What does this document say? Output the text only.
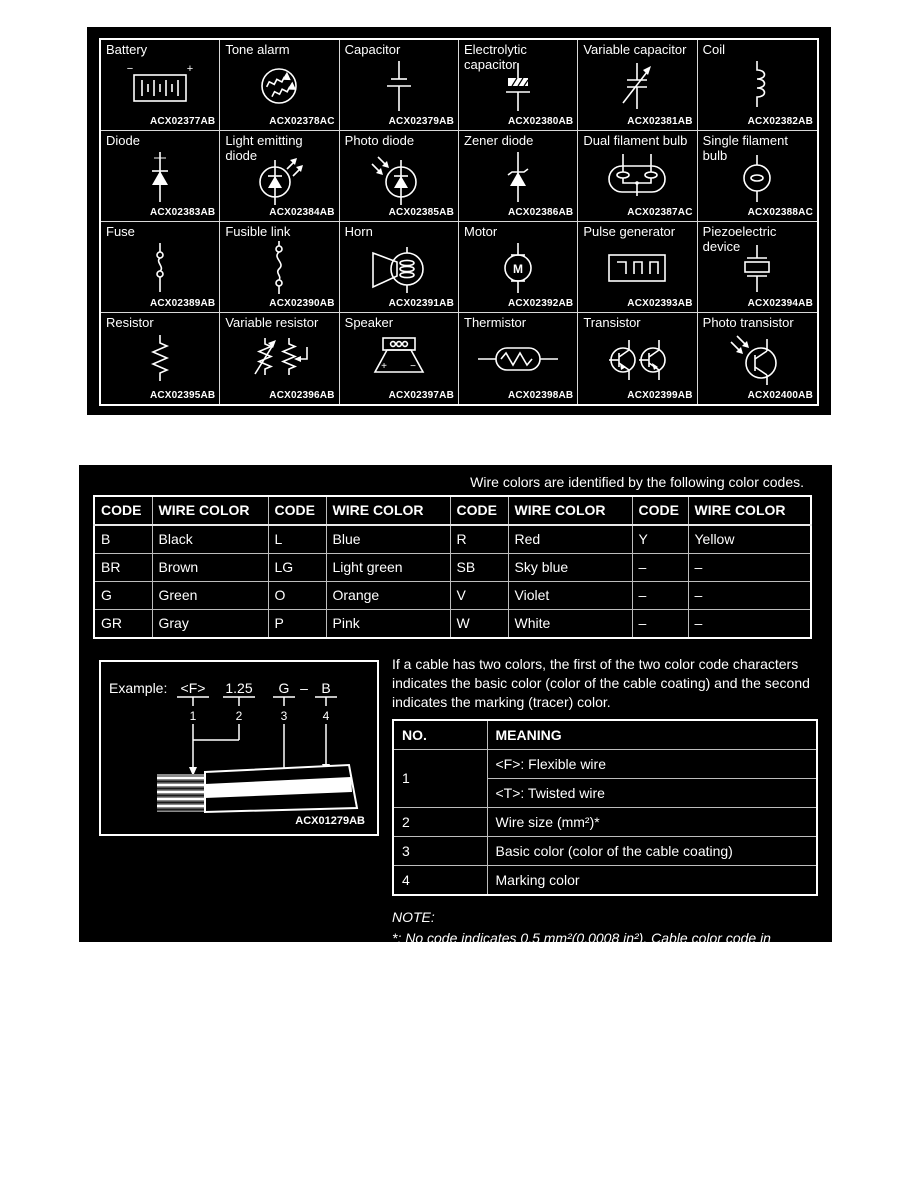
Battery
−	+
ACX02377AB
Tone alarm
ACX02378AC
Capacitor
ACX02379AB
Electrolytic capacitor
ACX02380AB
Variable capacitor
ACX02381AB
Coil
ACX02382AB
Diode
ACX02383AB
Light emitting diode
ACX02384AB
Photo diode
ACX02385AB
Zener diode
ACX02386AB
Dual filament bulb
ACX02387AC
Single filament bulb
ACX02388AC
Fuse
ACX02389AB
Fusible link
ACX02390AB
Horn
ACX02391AB
Motor
M
ACX02392AB
Pulse generator
ACX02393AB
Piezoelectric device
ACX02394AB
Resistor
ACX02395AB
Variable resistor
ACX02396AB
Speaker
+ −
ACX02397AB
Thermistor
ACX02398AB
Transistor
ACX02399AB
Photo transistor
ACX02400AB
Wire colors are identified by the following color codes.
CODE	WIRE COLOR	CODE	WIRE COLOR	CODE	WIRE COLOR	CODE	WIRE COLOR
B	Black	L	Blue	R	Red	Y	Yellow
BR	Brown	LG	Light green	SB	Sky blue	–	–
G	Green	O	Orange	V	Violet	–	–
GR	Gray	P	Pink	W	White	–	–
Example: <F> 1.25 G – B
1	2	3	4
ACX01279AB
If a cable has two colors, the first of the two color code characters indicates the basic color (color of the cable coating) and the second indicates the marking (tracer) color.
NO.	MEANING
1	<F>: Flexible wire
	<T>: Twisted wire
2	Wire size (mm²)*
3	Basic color (color of the cable coating)
4	Marking color
NOTE:
*: No code indicates 0.5 mm²(0.0008 in²). Cable color code in parentheses indicates 0.3 mm² (0.0005 in²).
